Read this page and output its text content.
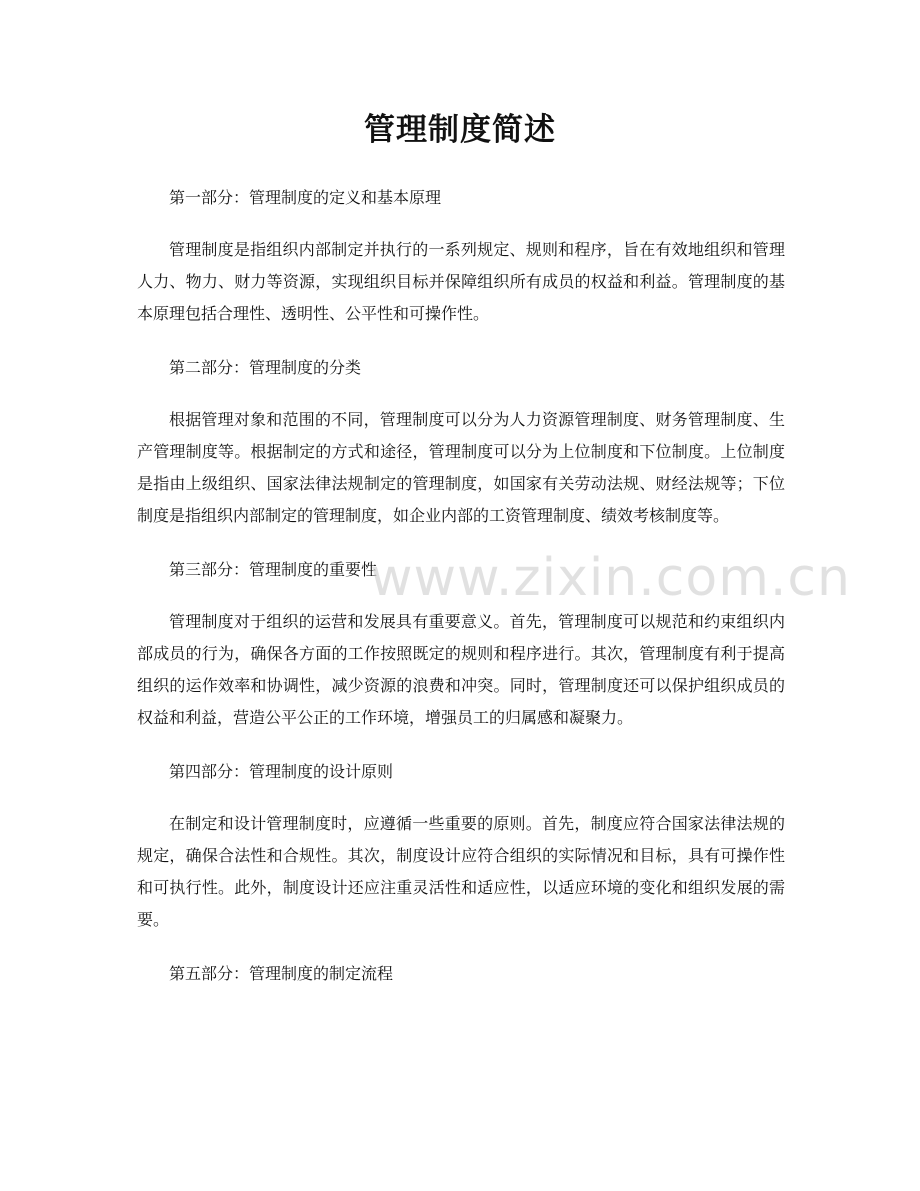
管理制度简述

第一部分：管理制度的定义和基本原理

管理制度是指组织内部制定并执行的一系列规定、规则和程序，旨在有效地组织和管理人力、物力、财力等资源，实现组织目标并保障组织所有成员的权益和利益。管理制度的基本原理包括合理性、透明性、公平性和可操作性。

第二部分：管理制度的分类

根据管理对象和范围的不同，管理制度可以分为人力资源管理制度、财务管理制度、生产管理制度等。根据制定的方式和途径，管理制度可以分为上位制度和下位制度。上位制度是指由上级组织、国家法律法规制定的管理制度，如国家有关劳动法规、财经法规等；下位制度是指组织内部制定的管理制度，如企业内部的工资管理制度、绩效考核制度等。

第三部分：管理制度的重要性

管理制度对于组织的运营和发展具有重要意义。首先，管理制度可以规范和约束组织内部成员的行为，确保各方面的工作按照既定的规则和程序进行。其次，管理制度有利于提高组织的运作效率和协调性，减少资源的浪费和冲突。同时，管理制度还可以保护组织成员的权益和利益，营造公平公正的工作环境，增强员工的归属感和凝聚力。

第四部分：管理制度的设计原则

在制定和设计管理制度时，应遵循一些重要的原则。首先，制度应符合国家法律法规的规定，确保合法性和合规性。其次，制度设计应符合组织的实际情况和目标，具有可操作性和可执行性。此外，制度设计还应注重灵活性和适应性，以适应环境的变化和组织发展的需要。

第五部分：管理制度的制定流程

www.zixin.com.cn
